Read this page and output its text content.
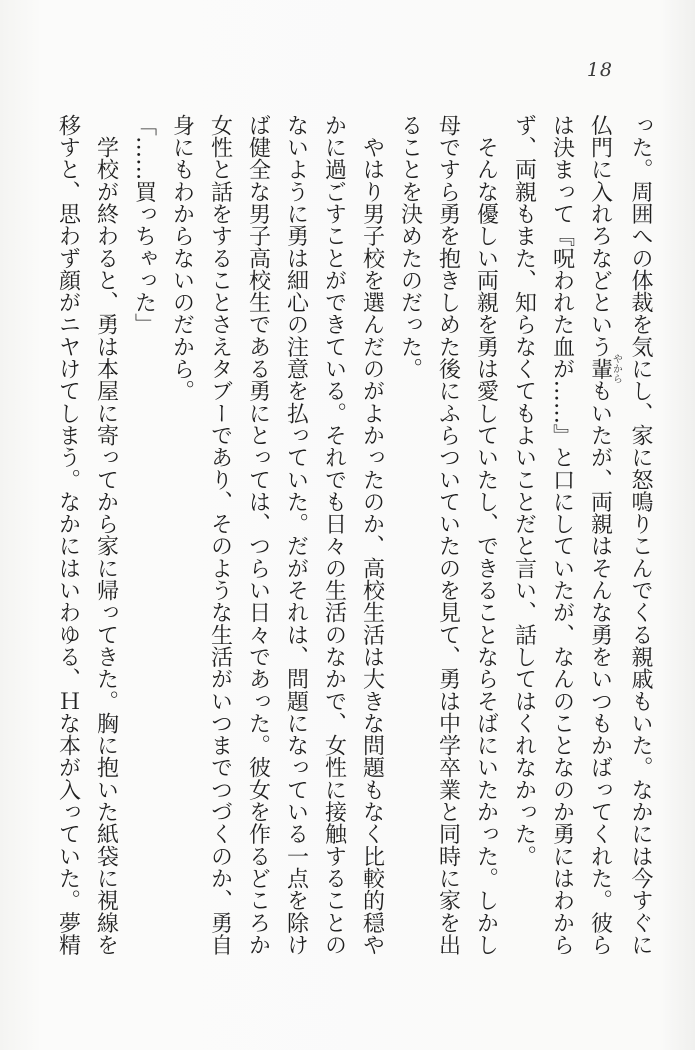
18
った。周囲への体裁を気にし、家に怒鳴りこんでくる親戚もいた。なかには今すぐに
仏門に入れろなどという輩やからもいたが、両親はそんな勇をいつもかばってくれた。彼ら
は決まって『呪われた血が……』と口にしていたが、なんのことなのか勇にはわから
ず、両親もまた、知らなくてもよいことだと言い、話してはくれなかった。
　そんな優しい両親を勇は愛していたし、できることならそばにいたかった。しかし
母ですら勇を抱きしめた後にふらついていたのを見て、勇は中学卒業と同時に家を出
ることを決めたのだった。
　やはり男子校を選んだのがよかったのか、高校生活は大きな問題もなく比較的穏や
かに過ごすことができている。それでも日々の生活のなかで、女性に接触することの
ないように勇は細心の注意を払っていた。だがそれは、問題になっている一点を除け
ば健全な男子高校生である勇にとっては、つらい日々であった。彼女を作るどころか
女性と話をすることさえタブーであり、そのような生活がいつまでつづくのか、勇自
身にもわからないのだから。
「……買っちゃった」
　学校が終わると、勇は本屋に寄ってから家に帰ってきた。胸に抱いた紙袋に視線を
移すと、思わず顔がニヤけてしまう。なかにはいわゆる、Ｈな本が入っていた。夢精
